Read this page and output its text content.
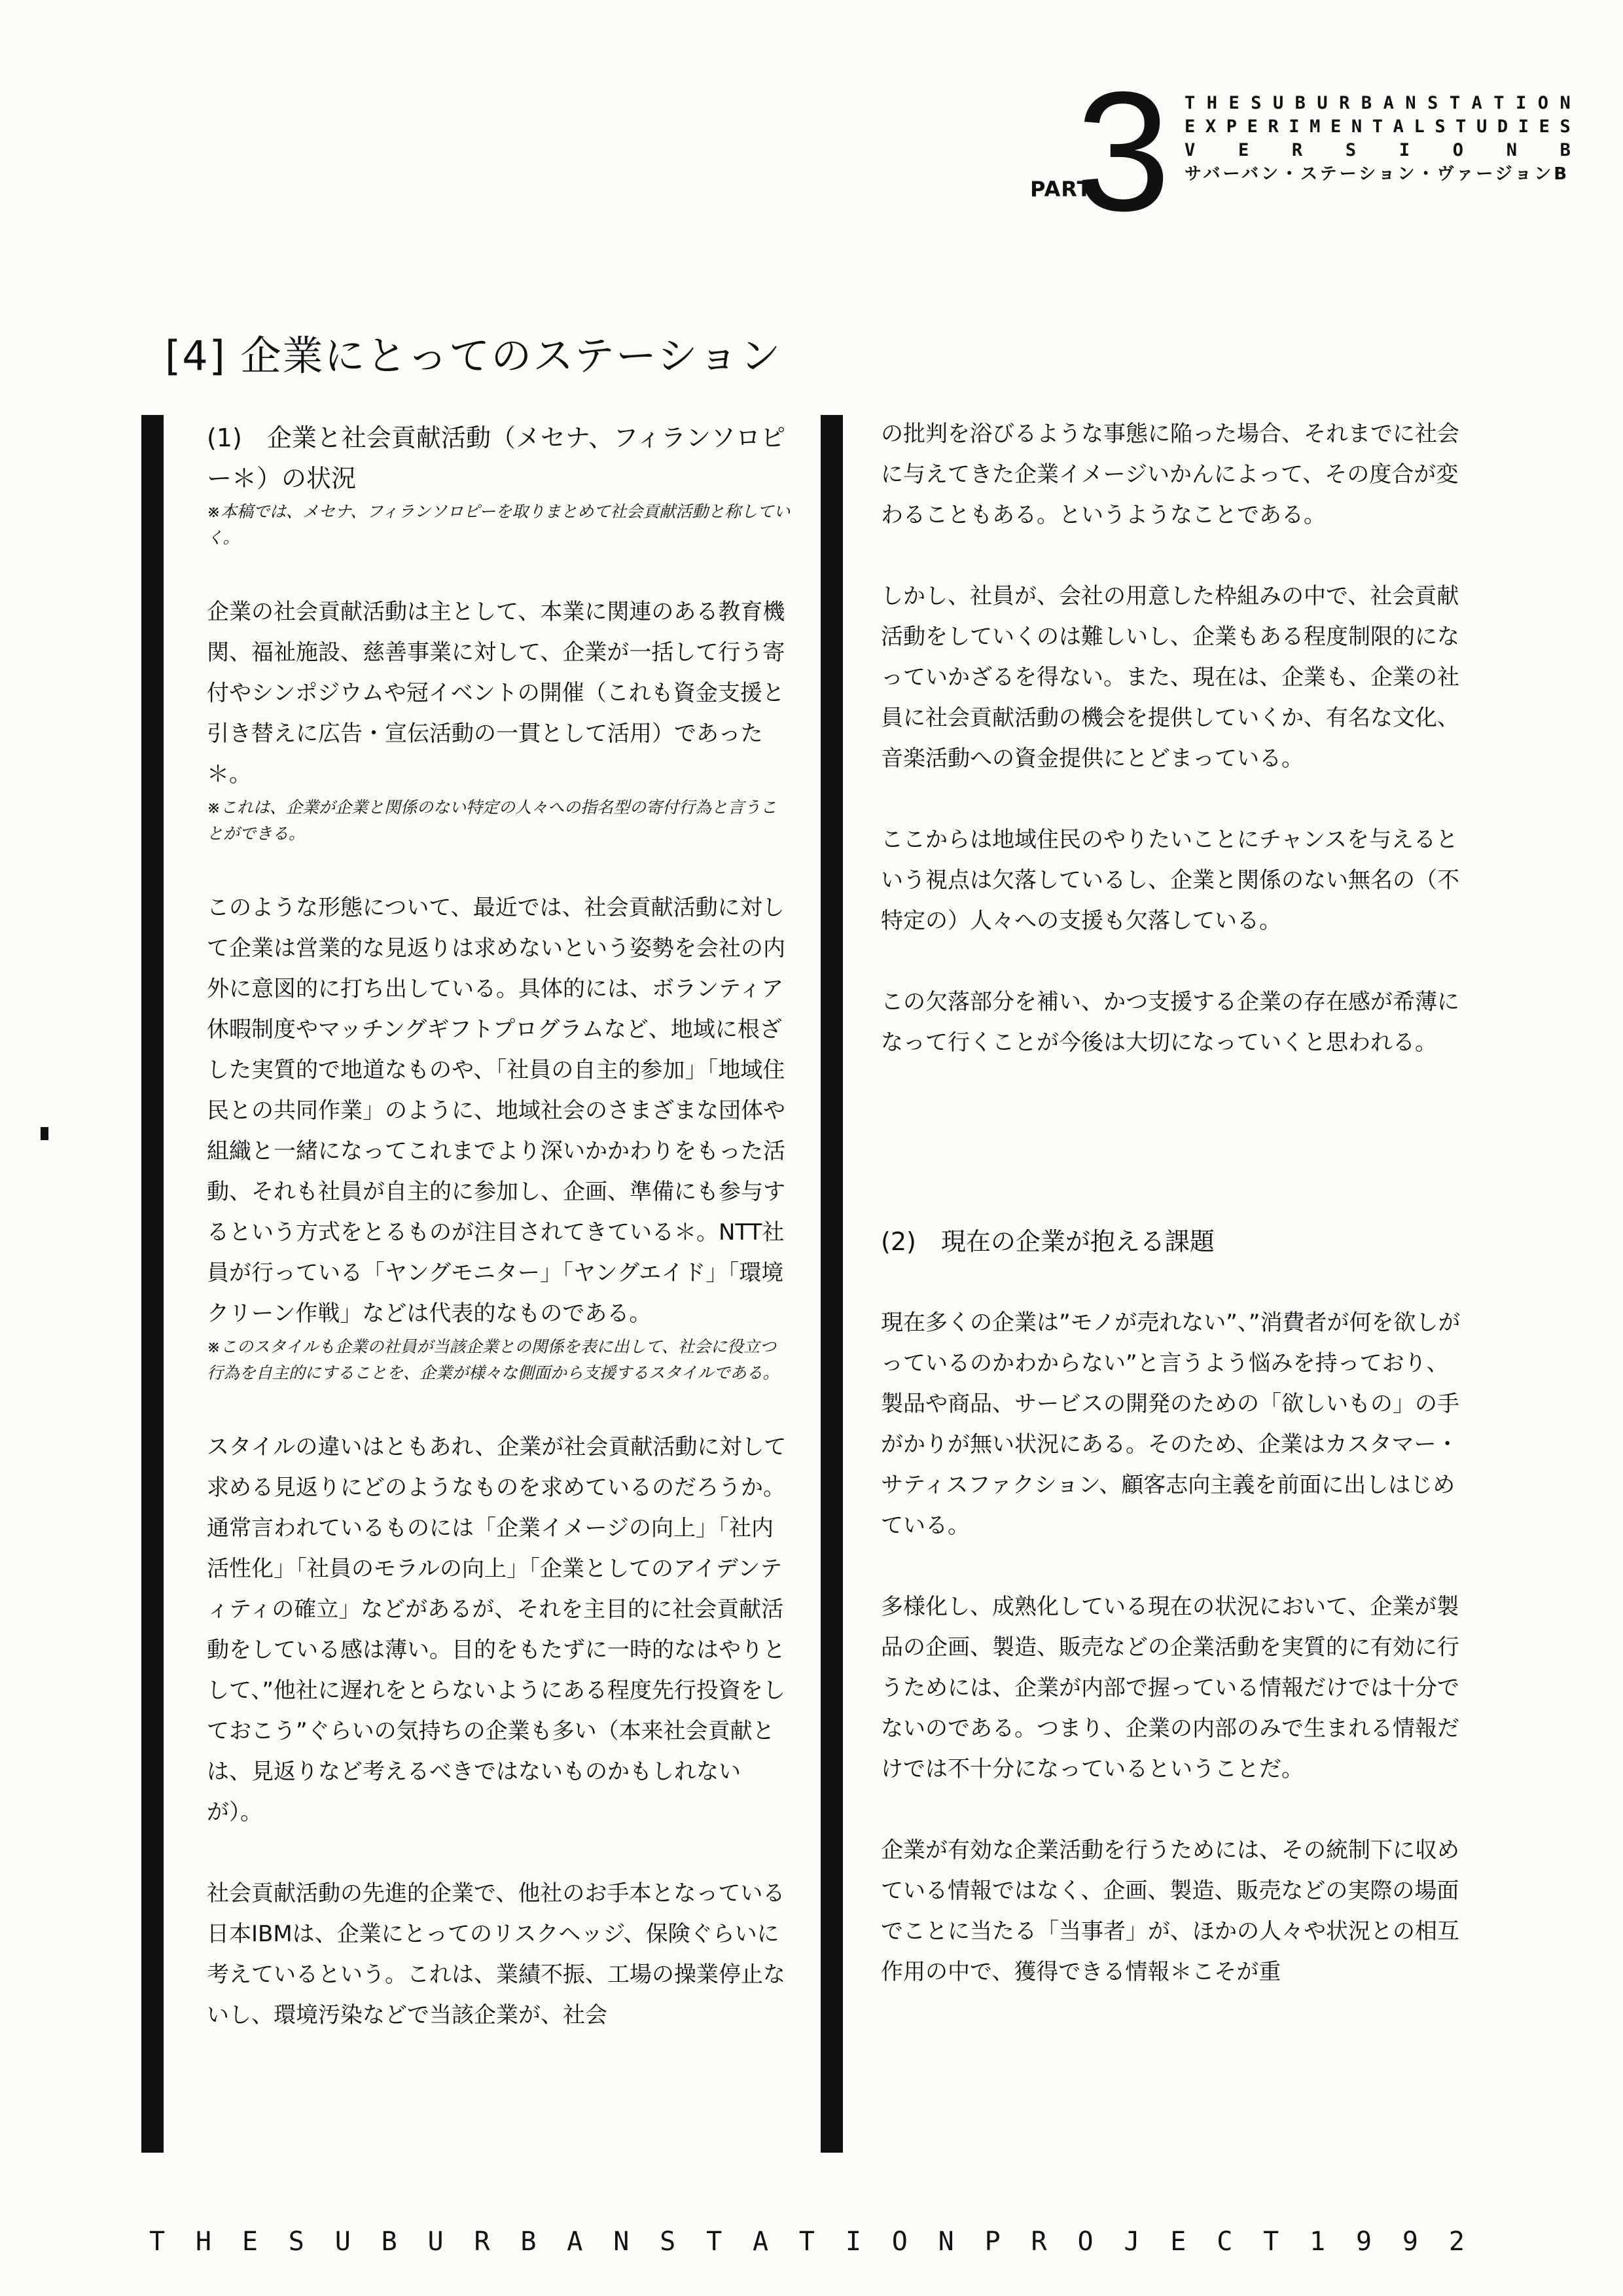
PART
3 T H E S U B U R B A N S T A T I O N
E X P E R I M E N T A L S T U D I E S
V E R S I O N B
サバーバン・ステーション・ヴァージョンB
[4] 企業にとってのステーション
(1)　企業と社会貢献活動（メセナ、フィランソロピー＊）の状況

※本稿では、メセナ、フィランソロピーを取りまとめて社会貢献活動と称していく。

企業の社会貢献活動は主として、本業に関連のある教育機関、福祉施設、慈善事業に対して、企業が一括して行う寄付やシンポジウムや冠イベントの開催（これも資金支援と引き替えに広告・宣伝活動の一貫として活用）であった＊。

※これは、企業が企業と関係のない特定の人々への指名型の寄付行為と言うことができる。

このような形態について、最近では、社会貢献活動に対して企業は営業的な見返りは求めないという姿勢を会社の内外に意図的に打ち出している。具体的には、ボランティア休暇制度やマッチングギフトプログラムなど、地域に根ざした実質的で地道なものや、「社員の自主的参加」「地域住民との共同作業」のように、地域社会のさまざまな団体や組織と一緒になってこれまでより深いかかわりをもった活動、それも社員が自主的に参加し、企画、準備にも参与するという方式をとるものが注目されてきている＊。NTT社員が行っている「ヤングモニター」「ヤングエイド」「環境クリーン作戦」などは代表的なものである。

※このスタイルも企業の社員が当該企業との関係を表に出して、社会に役立つ行為を自主的にすることを、企業が様々な側面から支援するスタイルである。

スタイルの違いはともあれ、企業が社会貢献活動に対して求める見返りにどのようなものを求めているのだろうか。通常言われているものには「企業イメージの向上」「社内活性化」「社員のモラルの向上」「企業としてのアイデンティティの確立」などがあるが、それを主目的に社会貢献活動をしている感は薄い。目的をもたずに一時的なはやりとして、”他社に遅れをとらないようにある程度先行投資をしておこう”ぐらいの気持ちの企業も多い（本来社会貢献とは、見返りなど考えるべきではないものかもしれないが）。

社会貢献活動の先進的企業で、他社のお手本となっている日本IBMは、企業にとってのリスクヘッジ、保険ぐらいに考えているという。これは、業績不振、工場の操業停止ないし、環境汚染などで当該企業が、社会

の批判を浴びるような事態に陥った場合、それまでに社会に与えてきた企業イメージいかんによって、その度合が変わることもある。というようなことである。

しかし、社員が、会社の用意した枠組みの中で、社会貢献活動をしていくのは難しいし、企業もある程度制限的になっていかざるを得ない。また、現在は、企業も、企業の社員に社会貢献活動の機会を提供していくか、有名な文化、音楽活動への資金提供にとどまっている。

ここからは地域住民のやりたいことにチャンスを与えるという視点は欠落しているし、企業と関係のない無名の（不特定の）人々への支援も欠落している。

この欠落部分を補い、かつ支援する企業の存在感が希薄になって行くことが今後は大切になっていくと思われる。

(2)　現在の企業が抱える課題

現在多くの企業は”モノが売れない”、”消費者が何を欲しがっているのかわからない”と言うよう悩みを持っており、製品や商品、サービスの開発のための「欲しいもの」の手がかりが無い状況にある。そのため、企業はカスタマー・サティスファクション、顧客志向主義を前面に出しはじめている。

多様化し、成熟化している現在の状況において、企業が製品の企画、製造、販売などの企業活動を実質的に有効に行うためには、企業が内部で握っている情報だけでは十分でないのである。つまり、企業の内部のみで生まれる情報だけでは不十分になっているということだ。

企業が有効な企業活動を行うためには、その統制下に収めている情報ではなく、企画、製造、販売などの実際の場面でことに当たる「当事者」が、ほかの人々や状況との相互作用の中で、獲得できる情報＊こそが重

T H E S U B U R B A N S T A T I O N P R O J E C T 1 9 9 2
